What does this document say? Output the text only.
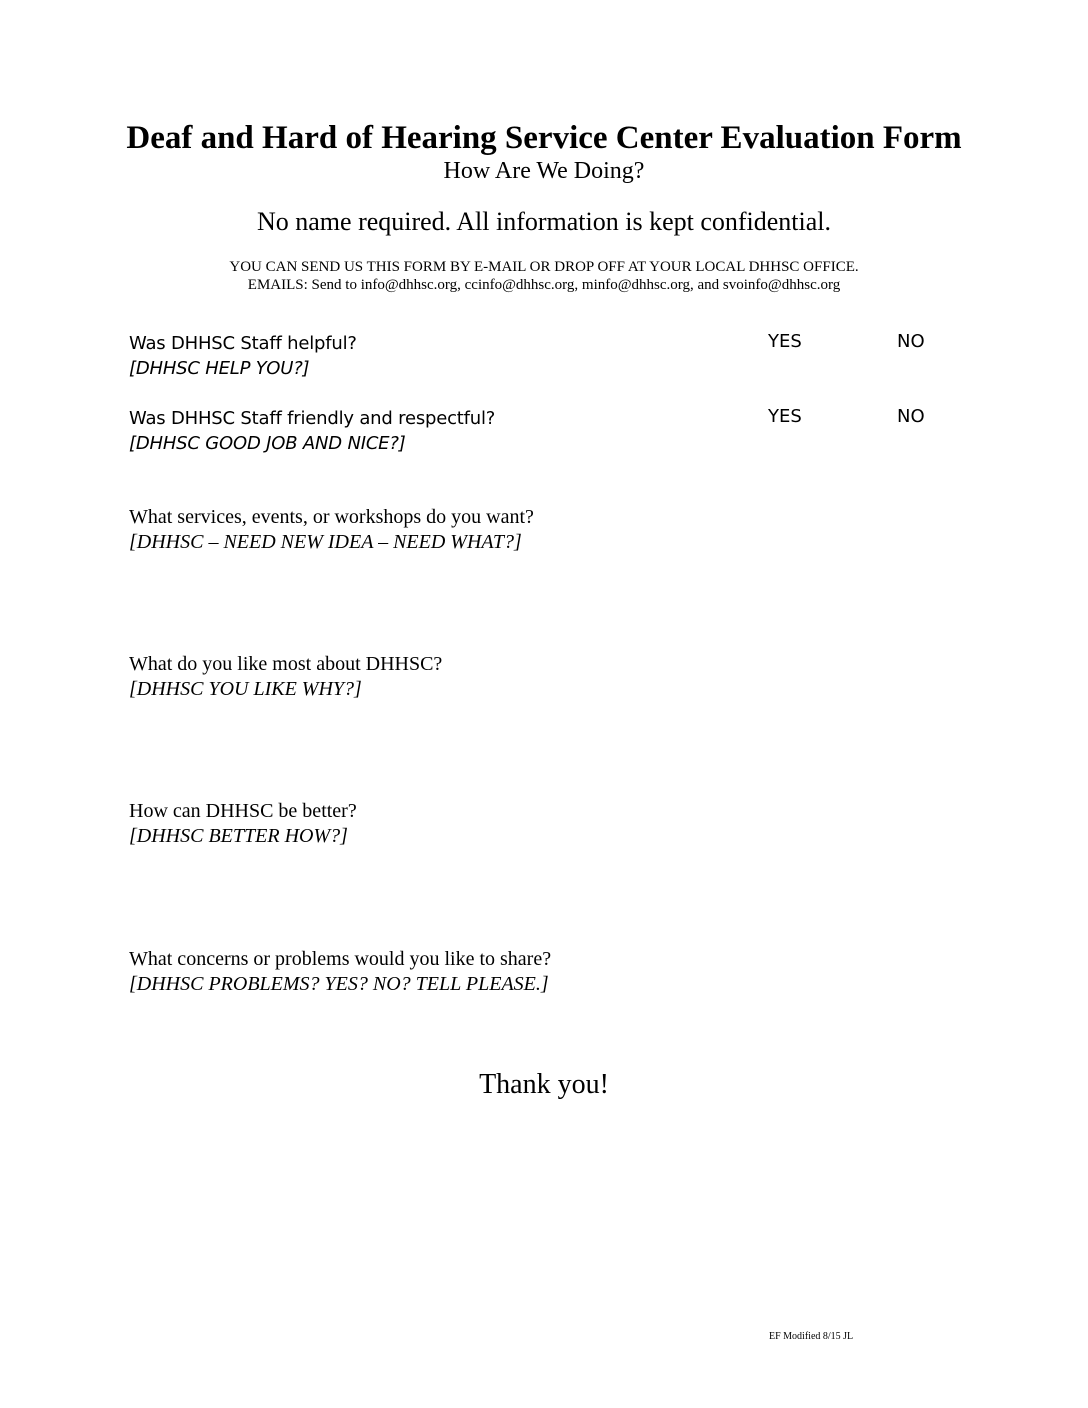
Deaf and Hard of Hearing Service Center Evaluation Form
How Are We Doing?
No name required. All information is kept confidential.
YOU CAN SEND US THIS FORM BY E-MAIL OR DROP OFF AT YOUR LOCAL DHHSC OFFICE.
EMAILS: Send to info@dhhsc.org, ccinfo@dhhsc.org, minfo@dhhsc.org, and svoinfo@dhhsc.org
Was DHHSC Staff helpful?
[DHHSC HELP YOU?]
YES	NO
Was DHHSC Staff friendly and respectful?
[DHHSC GOOD JOB AND NICE?]
YES	NO
What services, events, or workshops do you want?
[DHHSC – NEED NEW IDEA – NEED WHAT?]
What do you like most about DHHSC?
[DHHSC YOU LIKE WHY?]
How can DHHSC be better?
[DHHSC BETTER HOW?]
What concerns or problems would you like to share?
[DHHSC PROBLEMS? YES? NO? TELL PLEASE.]
Thank you!
EF Modified 8/15 JL
